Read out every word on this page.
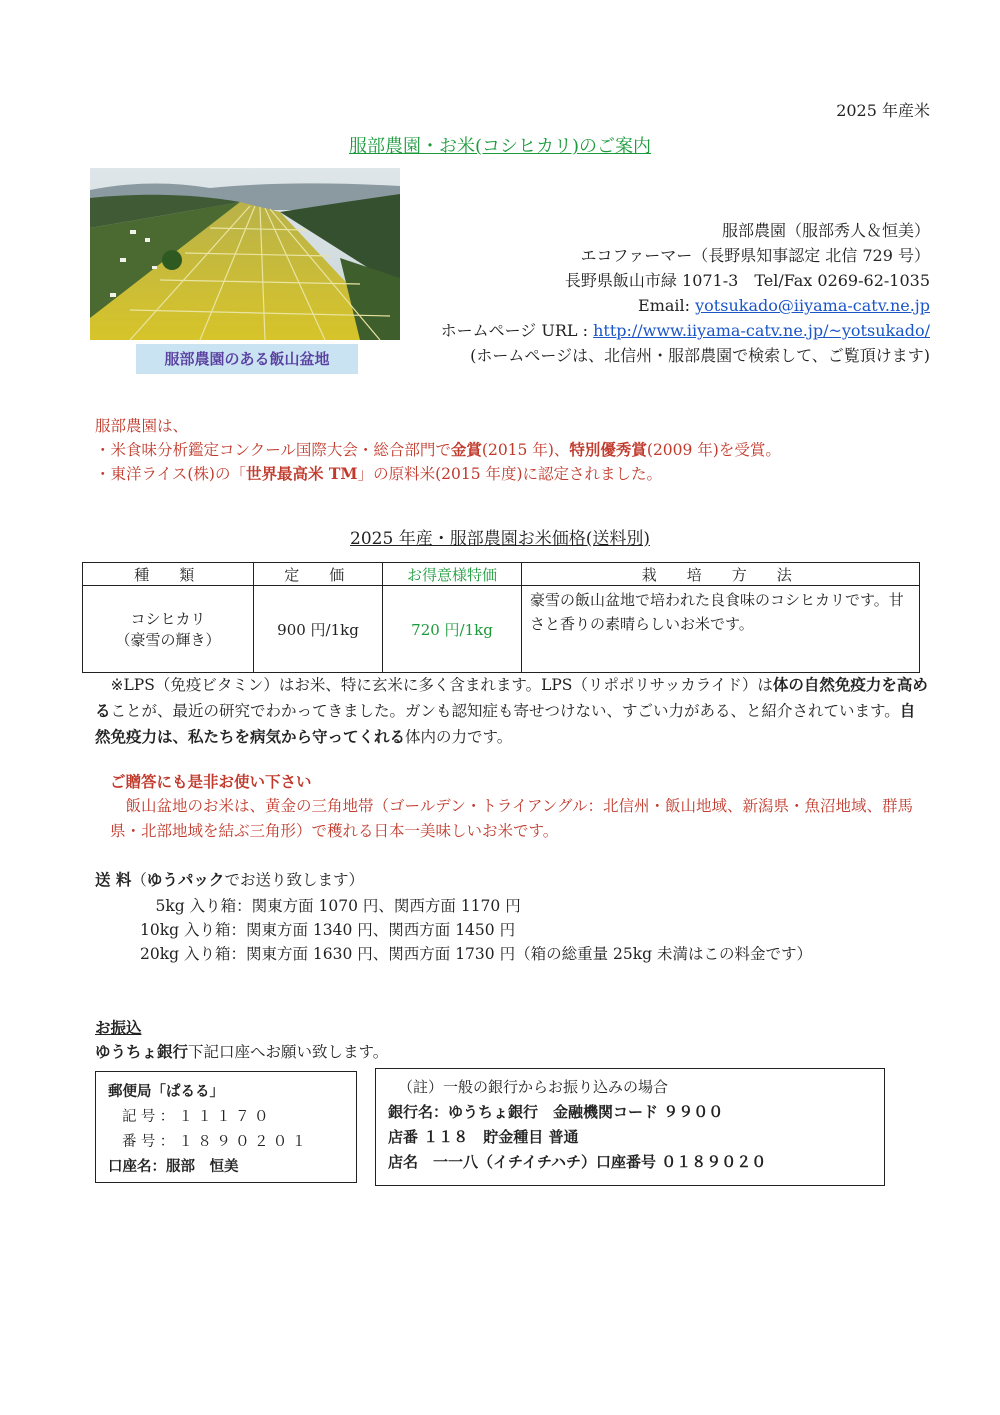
2025 年産米
服部農園・お米(コシヒカリ)のご案内
服部農園のある飯山盆地
服部農園（服部秀人＆恒美）
エコファーマー（長野県知事認定 北信 729 号）
長野県飯山市緑 1071-3　Tel/Fax 0269-62-1035
Email: yotsukado@iiyama-catv.ne.jp
ホームページ URL : http://www.iiyama-catv.ne.jp/~yotsukado/
(ホームページは、北信州・服部農園で検索して、ご覧頂けます)
服部農園は、
・米食味分析鑑定コンクール国際大会・総合部門で金賞(2015 年)、特別優秀賞(2009 年)を受賞。
・東洋ライス(株)の「世界最高米 TM」の原料米(2015 年度)に認定されました。
2025 年産・服部農園お米価格(送料別)
種　類	定　価	お得意様特価	栽　培　方　法

コシヒカリ
（豪雪の輝き）	900 円/1kg	720 円/1kg	豪雪の飯山盆地で培われた良食味のコシヒカリです。甘さと香りの素晴らしいお米です。
※LPS（免疫ビタミン）はお米、特に玄米に多く含まれます。LPS（リポポリサッカライド）は体の自然免疫力を高めることが、最近の研究でわかってきました。ガンも認知症も寄せつけない、すごい力がある、と紹介されています。自然免疫力は、私たちを病気から守ってくれる体内の力です。
ご贈答にも是非お使い下さい
飯山盆地のお米は、黄金の三角地帯（ゴールデン・トライアングル：北信州・飯山地域、新潟県・魚沼地域、群馬県・北部地域を結ぶ三角形）で穫れる日本一美味しいお米です。
送 料（ゆうパックでお送り致します）
　5kg 入り箱：関東方面 1070 円、関西方面 1170 円
10kg 入り箱：関東方面 1340 円、関西方面 1450 円
20kg 入り箱：関東方面 1630 円、関西方面 1730 円（箱の総重量 25kg 未満はこの料金です）
お振込
ゆうちょ銀行下記口座へお願い致します。
郵便局「ぱるる」
記号：１１１７０
番号：１８９０２０１
口座名：服部　恒美
（註）一般の銀行からお振り込みの場合
銀行名：ゆうちょ銀行　金融機関コード ９９００
店番 １１８　貯金種目 普通
店名　一一八（イチイチハチ）口座番号 ０１８９０２０
